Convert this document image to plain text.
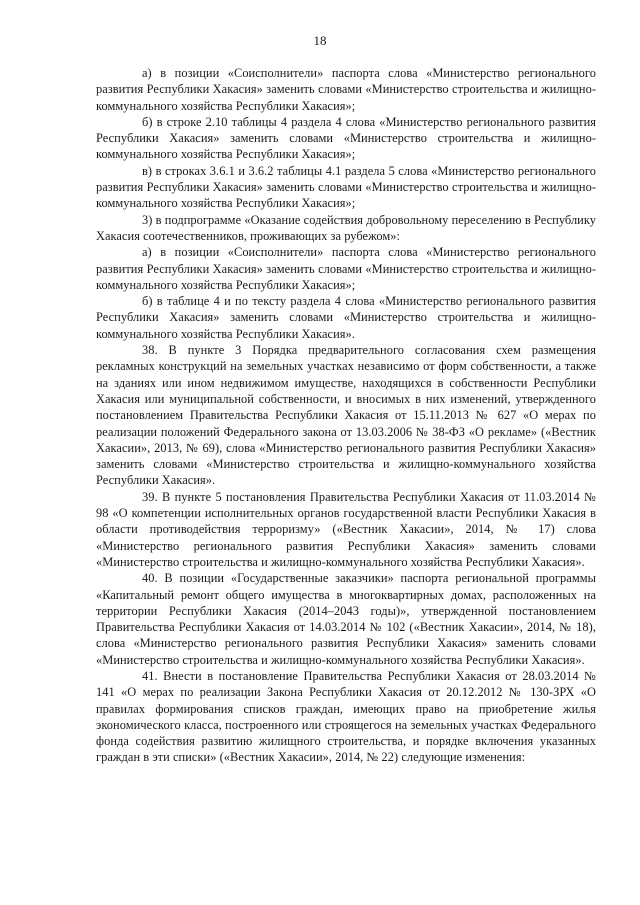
18

а) в позиции «Соисполнители» паспорта слова «Министерство регионального развития Республики Хакасия» заменить словами «Министерство строительства и жилищно-коммунального хозяйства Республики Хакасия»;

б) в строке 2.10 таблицы 4 раздела 4 слова «Министерство регионального развития Республики Хакасия» заменить словами «Министерство строительства и жилищно-коммунального хозяйства Республики Хакасия»;

в) в строках 3.6.1 и 3.6.2 таблицы 4.1 раздела 5 слова «Министерство регионального развития Республики Хакасия» заменить словами «Министерство строительства и жилищно-коммунального хозяйства Республики Хакасия»;

3) в подпрограмме «Оказание содействия добровольному переселению в Республику Хакасия соотечественников, проживающих за рубежом»:

а) в позиции «Соисполнители» паспорта слова «Министерство регионального развития Республики Хакасия» заменить словами «Министерство строительства и жилищно-коммунального хозяйства Республики Хакасия»;

б) в таблице 4 и по тексту раздела 4 слова «Министерство регионального развития Республики Хакасия» заменить словами «Министерство строительства и жилищно-коммунального хозяйства Республики Хакасия».

38. В пункте 3 Порядка предварительного согласования схем размещения рекламных конструкций на земельных участках независимо от форм собственности, а также на зданиях или ином недвижимом имуществе, находящихся в собственности Республики Хакасия или муниципальной собственности, и вносимых в них изменений, утвержденного постановлением Правительства Республики Хакасия от 15.11.2013 № 627 «О мерах по реализации положений Федерального закона от 13.03.2006 № 38-ФЗ «О рекламе» («Вестник Хакасии», 2013, № 69), слова «Министерство регионального развития Республики Хакасия» заменить словами «Министерство строительства и жилищно-коммунального хозяйства Республики Хакасия».

39. В пункте 5 постановления Правительства Республики Хакасия от 11.03.2014 № 98 «О компетенции исполнительных органов государственной власти Республики Хакасия в области противодействия терроризму» («Вестник Хакасии», 2014, № 17) слова «Министерство регионального развития Республики Хакасия» заменить словами «Министерство строительства и жилищно-коммунального хозяйства Республики Хакасия».

40. В позиции «Государственные заказчики» паспорта региональной программы «Капитальный ремонт общего имущества в многоквартирных домах, расположенных на территории Республики Хакасия (2014–2043 годы)», утвержденной постановлением Правительства Республики Хакасия от 14.03.2014 № 102 («Вестник Хакасии», 2014, № 18), слова «Министерство регионального развития Республики Хакасия» заменить словами «Министерство строительства и жилищно-коммунального хозяйства Республики Хакасия».

41. Внести в постановление Правительства Республики Хакасия от 28.03.2014 № 141 «О мерах по реализации Закона Республики Хакасия от 20.12.2012 № 130-ЗРХ «О правилах формирования списков граждан, имеющих право на приобретение жилья экономического класса, построенного или строящегося на земельных участках Федерального фонда содействия развитию жилищного строительства, и порядке включения указанных граждан в эти списки» («Вестник Хакасии», 2014, № 22) следующие изменения:
